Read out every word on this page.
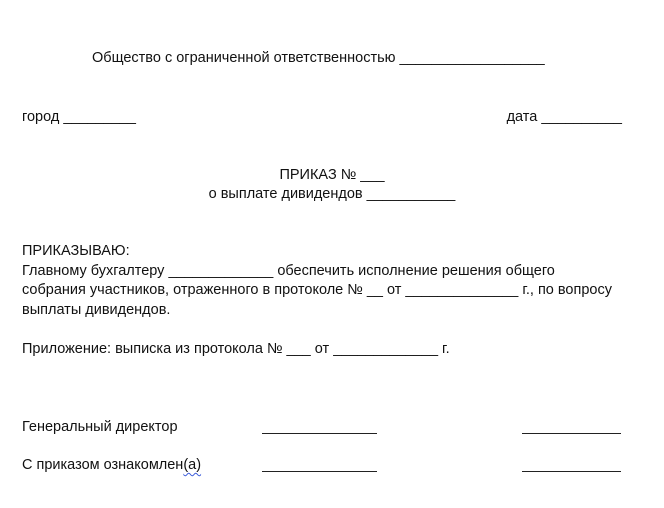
Общество с ограниченной ответственностью __________________
город _________	дата __________
ПРИКАЗ № ___
о выплате дивидендов ___________

ПРИКАЗЫВАЮ:

Главному бухгалтеру _____________ обеспечить исполнение решения общего

собрания участников, отраженного в протоколе № __ от ______________ г., по вопросу

выплаты дивидендов.

Приложение: выписка из протокола № ___ от _____________ г.
Генеральный директор
С приказом ознакомлен(а)
